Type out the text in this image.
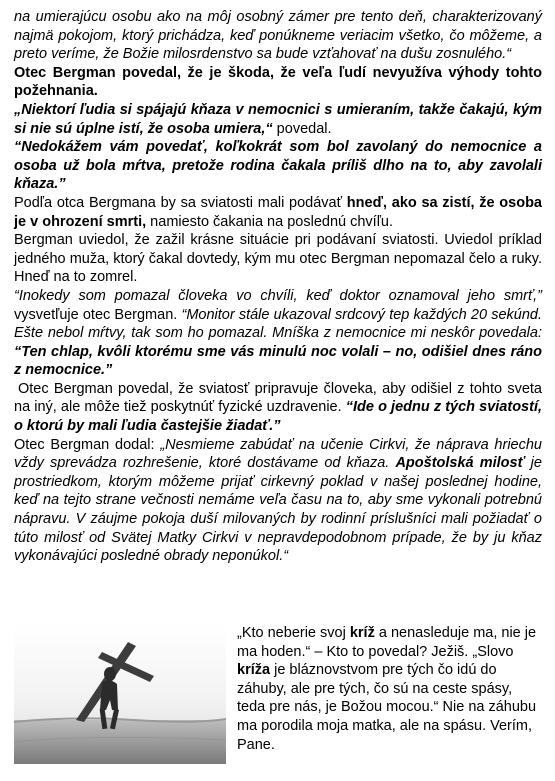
na umierajúcu osobu ako na môj osobný zámer pre tento deň, charakterizovaný najmä pokojom, ktorý prichádza, keď ponúkneme veriacim všetko, čo môžeme, a preto veríme, že Božie milosrdenstvo sa bude vzťahovať na dušu zosnulého.“

Otec Bergman povedal, že je škoda, že veľa ľudí nevyužíva výhody tohto požehnania.

„Niektorí ľudia si spájajú kňaza v nemocnici s umieraním, takže čakajú, kým si nie sú úplne istí, že osoba umiera,“ povedal.

“Nedokážem vám povedať, koľkokrát som bol zavolaný do nemocnice a osoba už bola mŕtva, pretože rodina čakala príliš dlho na to, aby zavolali kňaza.”

Podľa otca Bergmana by sa sviatosti mali podávať hneď, ako sa zistí, že osoba je v ohrození smrti, namiesto čakania na poslednú chvíľu.

Bergman uviedol, že zažil krásne situácie pri podávaní sviatosti. Uviedol príklad jedného muža, ktorý čakal dovtedy, kým mu otec Bergman nepomazal čelo a ruky. Hneď na to zomrel.

“Inokedy som pomazal človeka vo chvíli, keď doktor oznamoval jeho smrť,” vysvetľuje otec Bergman. “Monitor stále ukazoval srdcový tep každých 20 sekúnd. Ešte nebol mŕtvy, tak som ho pomazal. Mníška z nemocnice mi neskôr povedala: “Ten chlap, kvôli ktorému sme vás minulú noc volali – no, odišiel dnes ráno z nemocnice.”

Otec Bergman povedal, že sviatosť pripravuje človeka, aby odišiel z tohto sveta na iný, ale môže tiež poskytnúť fyzické uzdravenie. “Ide o jednu z tých sviatostí, o ktorú by mali ľudia častejšie žiadať.”

Otec Bergman dodal: „Nesmieme zabúdať na učenie Cirkvi, že náprava hriechu vždy sprevádza rozhrešenie, ktoré dostávame od kňaza. Apoštolská milosť je prostriedkom, ktorým môžeme prijať cirkevný poklad v našej poslednej hodine, keď na tejto strane večnosti nemáme veľa času na to, aby sme vykonali potrebnú nápravu. V záujme pokoja duší milovaných by rodinní príslušníci mali požiadať o túto milosť od Svätej Matky Cirkvi v nepravdepodobnom prípade, že by ju kňaz vykonávajúci posledné obrady neponúkol.“

„Kto neberie svoj kríž a nenasleduje ma, nie je ma hoden.“ – Kto to povedal? Ježiš. „Slovo kríža je bláznovstvom pre tých čo idú do záhuby, ale pre tých, čo sú na ceste spásy, teda pre nás, je Božou mocou.“ Nie na záhubu ma porodila moja matka, ale na spásu. Verím, Pane.
